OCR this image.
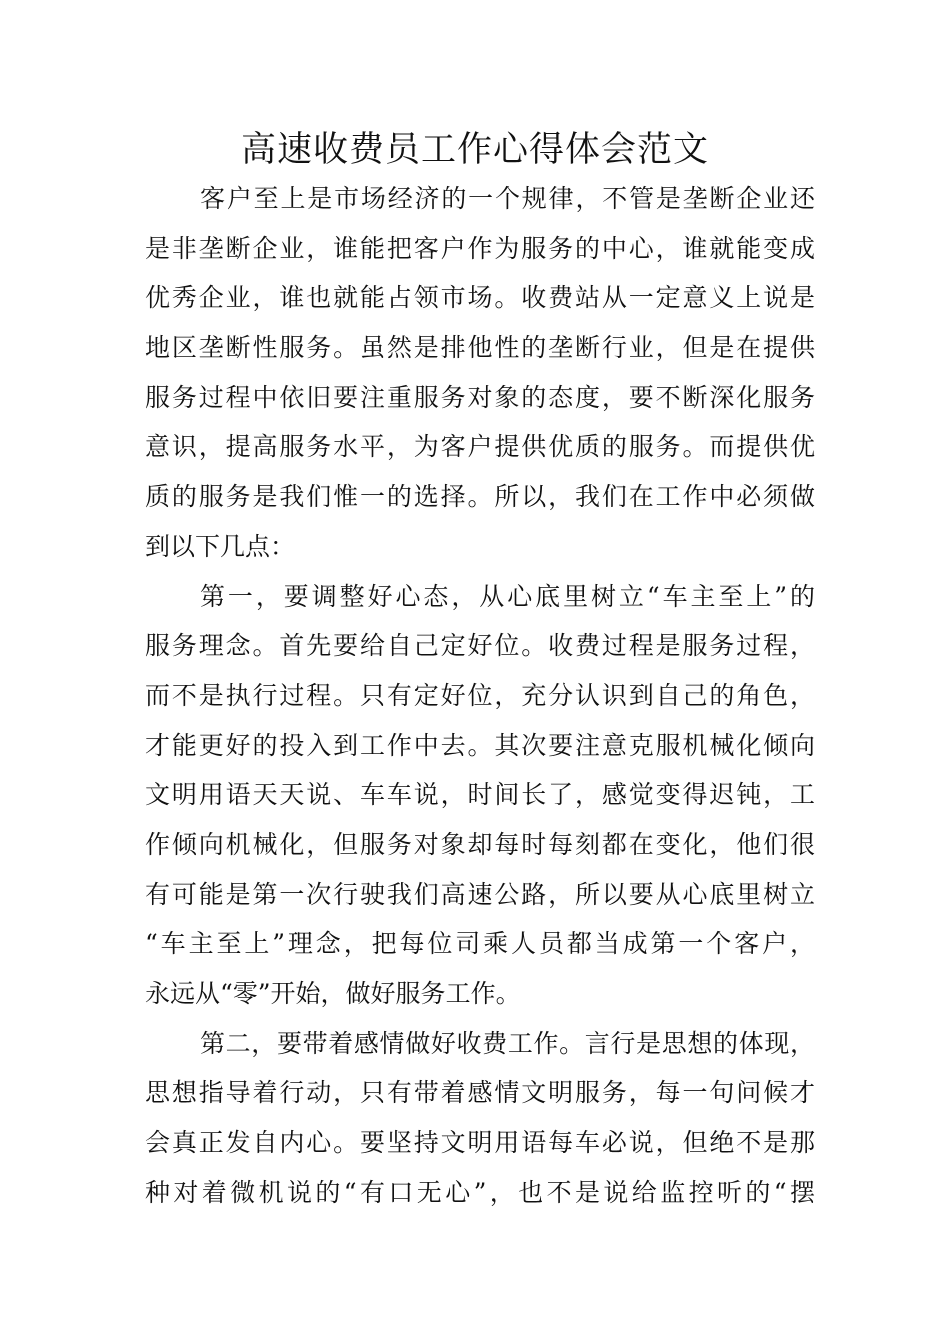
高速收费员工作心得体会范文
客户至上是市场经济的一个规律，不管是垄断企业还
是非垄断企业，谁能把客户作为服务的中心，谁就能变成
优秀企业，谁也就能占领市场。收费站从一定意义上说是
地区垄断性服务。虽然是排他性的垄断行业，但是在提供
服务过程中依旧要注重服务对象的态度，要不断深化服务
意识，提高服务水平，为客户提供优质的服务。而提供优
质的服务是我们惟一的选择。所以，我们在工作中必须做
到以下几点：
第一，要调整好心态，从心底里树立“车主至上”的
服务理念。首先要给自己定好位。收费过程是服务过程，
而不是执行过程。只有定好位，充分认识到自己的角色，
才能更好的投入到工作中去。其次要注意克服机械化倾向
文明用语天天说、车车说，时间长了，感觉变得迟钝，工
作倾向机械化，但服务对象却每时每刻都在变化，他们很
有可能是第一次行驶我们高速公路，所以要从心底里树立
“车主至上”理念，把每位司乘人员都当成第一个客户，
永远从“零”开始，做好服务工作。
第二，要带着感情做好收费工作。言行是思想的体现，
思想指导着行动，只有带着感情文明服务，每一句问候才
会真正发自内心。要坚持文明用语每车必说，但绝不是那
种对着微机说的“有口无心”，也不是说给监控听的“摆
